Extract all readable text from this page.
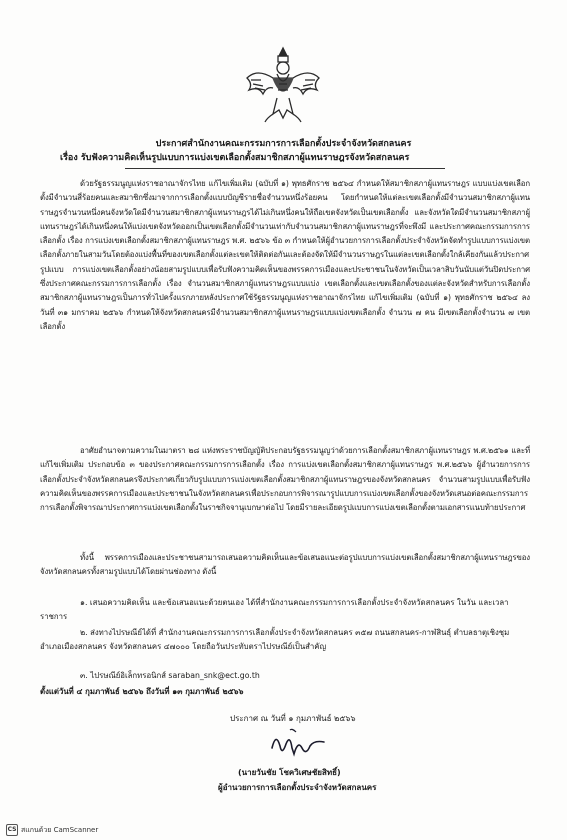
ประกาศสำนักงานคณะกรรมการการเลือกตั้งประจำจังหวัดสกลนคร
เรื่อง รับฟังความคิดเห็นรูปแบบการแบ่งเขตเลือกตั้งสมาชิกสภาผู้แทนราษฎรจังหวัดสกลนคร
ด้วยรัฐธรรมนูญแห่งราชอาณาจักรไทย แก้ไขเพิ่มเติม (ฉบับที่ ๑) พุทธศักราช ๒๕๖๔ กำหนดให้สมาชิกสภาผู้แทนราษฎร แบบแบ่งเขตเลือกตั้งมีจำนวนสี่ร้อยคนและสมาชิกซึ่งมาจากการเลือกตั้งแบบบัญชีรายชื่อจำนวนหนึ่งร้อยคน โดยกำหนดให้แต่ละเขตเลือกตั้งมีจำนวนสมาชิกสภาผู้แทนราษฎรจำนวนหนึ่งคนจังหวัดใดมีจำนวนสมาชิกสภาผู้แทนราษฎรได้ไม่เกินหนึ่งคนให้ถือเขตจังหวัดเป็นเขตเลือกตั้ง และจังหวัดใดมีจำนวนสมาชิกสภาผู้แทนราษฎรได้เกินหนึ่งคนให้แบ่งเขตจังหวัดออกเป็นเขตเลือกตั้งมีจำนวนเท่ากับจำนวนสมาชิกสภาผู้แทนราษฎรที่จะพึงมี และประกาศคณะกรรมการการเลือกตั้ง เรื่อง การแบ่งเขตเลือกตั้งสมาชิกสภาผู้แทนราษฎร พ.ศ. ๒๕๖๖ ข้อ ๓ กำหนดให้ผู้อำนวยการการเลือกตั้งประจำจังหวัดจัดทำรูปแบบการแบ่งเขตเลือกตั้งภายในสามวันโดยต้องแบ่งพื้นที่ของเขตเลือกตั้งแต่ละเขตให้ติดต่อกันและต้องจัดให้มีจำนวนราษฎรในแต่ละเขตเลือกตั้งใกล้เคียงกันแล้วประกาศรูปแบบ การแบ่งเขตเลือกตั้งอย่างน้อยสามรูปแบบเพื่อรับฟังความคิดเห็นของพรรคการเมืองและประชาชนในจังหวัดเป็นเวลาสิบวันนับแต่วันปิดประกาศ ซึ่งประกาศคณะกรรมการการเลือกตั้ง เรื่อง จำนวนสมาชิกสภาผู้แทนราษฎรแบบแบ่ง เขตเลือกตั้งและเขตเลือกตั้งของแต่ละจังหวัดสำหรับการเลือกตั้งสมาชิกสภาผู้แทนราษฎรเป็นการทั่วไปครั้งแรกภายหลังประกาศใช้รัฐธรรมนูญแห่งราชอาณาจักรไทย แก้ไขเพิ่มเติม (ฉบับที่ ๑) พุทธศักราช ๒๕๖๔ ลงวันที่ ๓๑ มกราคม ๒๕๖๖ กำหนดให้จังหวัดสกลนครมีจำนวนสมาชิกสภาผู้แทนราษฎรแบบแบ่งเขตเลือกตั้ง จำนวน ๗ คน มีเขตเลือกตั้งจำนวน ๗ เขตเลือกตั้ง
อาศัยอำนาจตามความในมาตรา ๒๘ แห่งพระราชบัญญัติประกอบรัฐธรรมนูญว่าด้วยการเลือกตั้งสมาชิกสภาผู้แทนราษฎร พ.ศ.๒๕๖๑ และที่แก้ไขเพิ่มเติม ประกอบข้อ ๓ ของประกาศคณะกรรมการการเลือกตั้ง เรื่อง การแบ่งเขตเลือกตั้งสมาชิกสภาผู้แทนราษฎร พ.ศ.๒๕๖๖ ผู้อำนวยการการเลือกตั้งประจำจังหวัดสกลนครจึงประกาศเกี่ยวกับรูปแบบการแบ่งเขตเลือกตั้งสมาชิกสภาผู้แทนราษฎรของจังหวัดสกลนคร จำนวนสามรูปแบบเพื่อรับฟังความคิดเห็นของพรรคการเมืองและประชาชนในจังหวัดสกลนครเพื่อประกอบการพิจารณารูปแบบการแบ่งเขตเลือกตั้งของจังหวัดเสนอต่อคณะกรรมการการเลือกตั้งพิจารณาประกาศการแบ่งเขตเลือกตั้งในราชกิจจานุเบกษาต่อไป โดยมีรายละเอียดรูปแบบการแบ่งเขตเลือกตั้งตามเอกสารแนบท้ายประกาศ
ทั้งนี้ พรรคการเมืองและประชาชนสามารถเสนอความคิดเห็นและข้อเสนอแนะต่อรูปแบบการแบ่งเขตเลือกตั้งสมาชิกสภาผู้แทนราษฎรของจังหวัดสกลนครทั้งสามรูปแบบได้โดยผ่านช่องทาง ดังนี้
๑. เสนอความคิดเห็น และข้อเสนอแนะด้วยตนเอง ได้ที่สำนักงานคณะกรรมการการเลือกตั้งประจำจังหวัดสกลนคร ในวัน และเวลาราชการ
๒. ส่งทางไปรษณีย์ได้ที่ สำนักงานคณะกรรมการการเลือกตั้งประจำจังหวัดสกลนคร ๓๕๗ ถนนสกลนคร-กาฬสินธุ์ ตำบลธาตุเชิงชุม อำเภอเมืองสกลนคร จังหวัดสกลนคร ๔๗๐๐๐ โดยถือวันประทับตราไปรษณีย์เป็นสำคัญ
๓. ไปรษณีย์อิเล็กทรอนิกส์ saraban_snk@ect.go.th
ตั้งแต่วันที่ ๔ กุมภาพันธ์ ๒๕๖๖ ถึงวันที่ ๑๓ กุมภาพันธ์ ๒๕๖๖
ประกาศ ณ วันที่ ๑ กุมภาพันธ์ ๒๕๖๖
(นายวันชัย โชควิเศษชัยสิทธิ์)
ผู้อำนวยการการเลือกตั้งประจำจังหวัดสกลนคร
CS สแกนด้วย CamScanner
